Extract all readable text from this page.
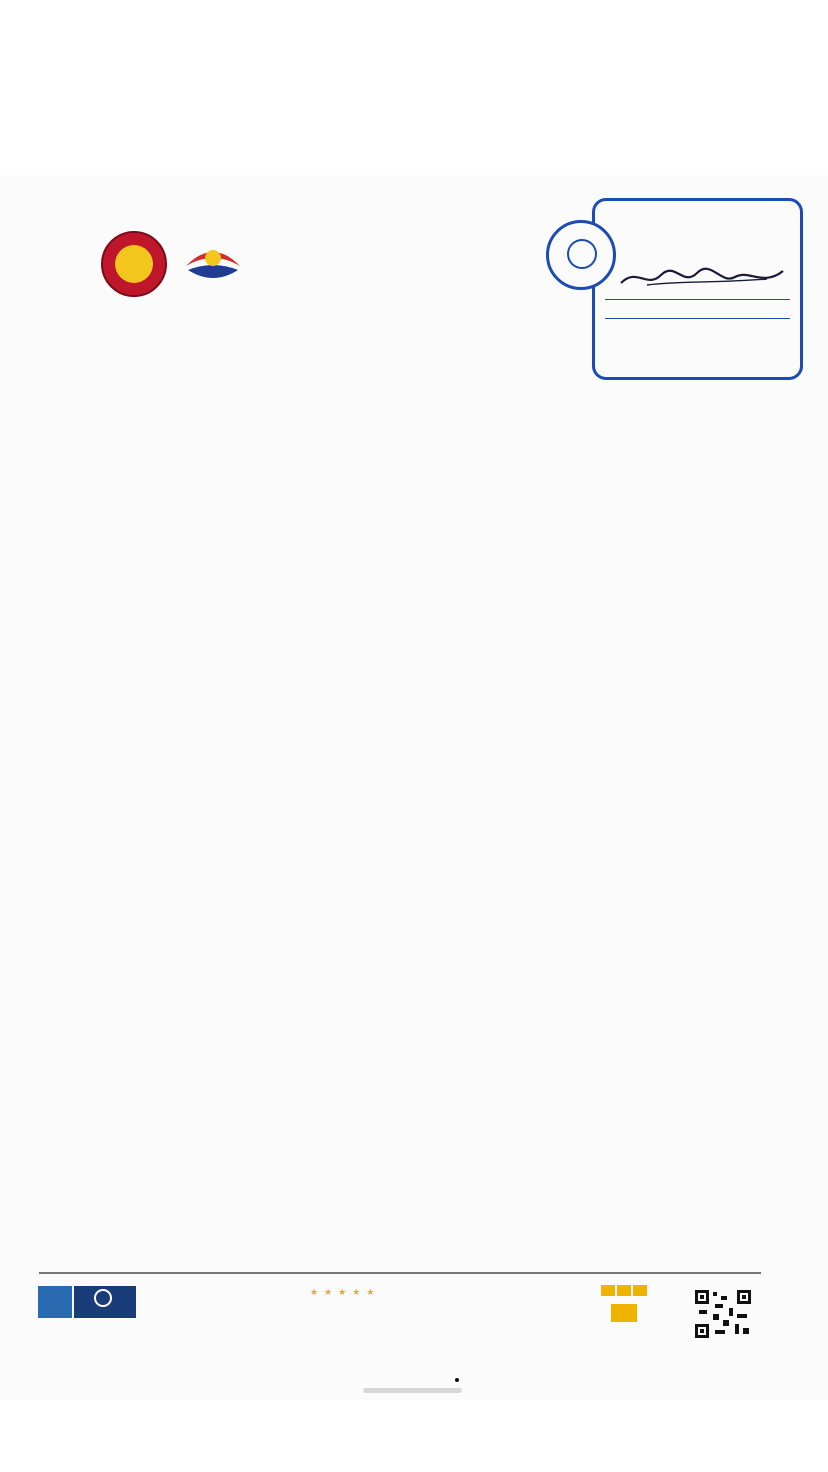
★★★★★
